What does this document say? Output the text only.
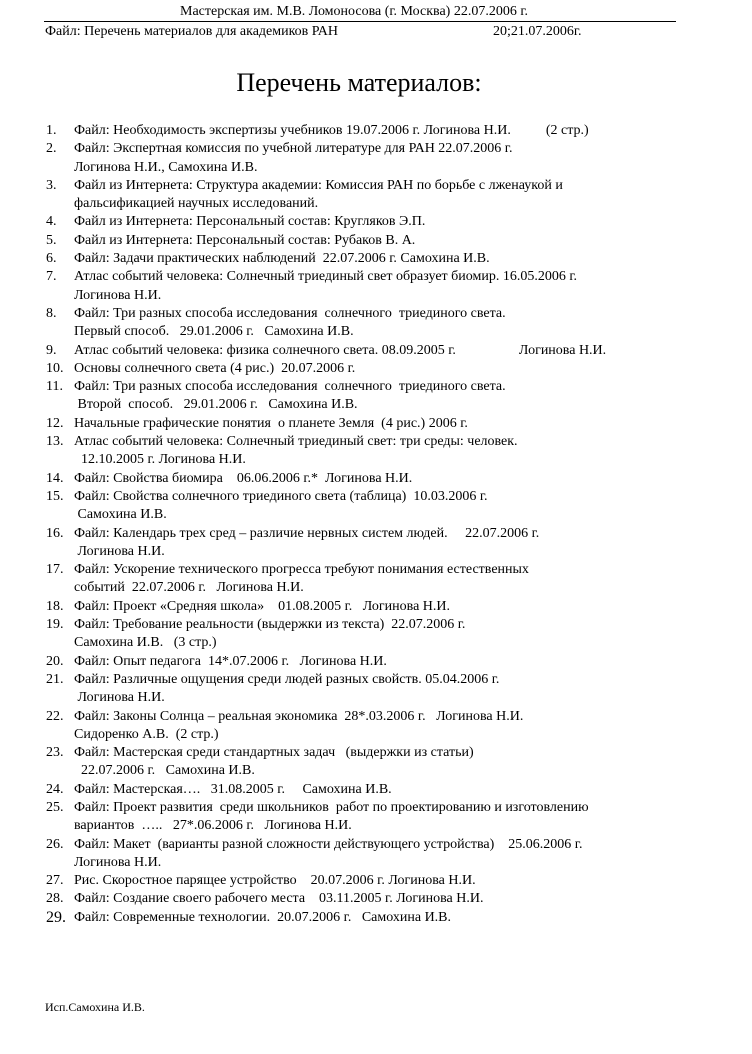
Мастерская им. М.В. Ломоносова (г. Москва) 22.07.2006 г.
Файл: Перечень материалов для академиков РАН	20;21.07.2006г.
Перечень материалов:
1. Файл: Необходимость экспертизы учебников 19.07.2006 г. Логинова Н.И.          (2 стр.)
2. Файл: Экспертная комиссия по учебной литературе для РАН 22.07.2006 г.
Логинова Н.И., Самохина И.В.
3. Файл из Интернета: Структура академии: Комиссия РАН по борьбе с лженаукой и
фальсификацией научных исследований.
4. Файл из Интернета: Персональный состав: Кругляков Э.П.
5. Файл из Интернета: Персональный состав: Рубаков В. А.
6. Файл: Задачи практических наблюдений  22.07.2006 г. Самохина И.В.
7. Атлас событий человека: Солнечный триединый свет образует биомир. 16.05.2006 г.
Логинова Н.И.
8. Файл: Три разных способа исследования  солнечного  триединого света.
Первый способ.   29.01.2006 г.   Самохина И.В.
9. Атлас событий человека: физика солнечного света. 08.09.2005 г.                  Логинова Н.И.
10. Основы солнечного света (4 рис.)  20.07.2006 г.
11. Файл: Три разных способа исследования  солнечного  триединого света.
Второй  способ.   29.01.2006 г.   Самохина И.В.
12. Начальные графические понятия  о планете Земля  (4 рис.) 2006 г.
13. Атлас событий человека: Солнечный триединый свет: три среды: человек.
12.10.2005 г. Логинова Н.И.
14. Файл: Свойства биомира    06.06.2006 г.*  Логинова Н.И.
15. Файл: Свойства солнечного триединого света (таблица)  10.03.2006 г.
Самохина И.В.
16. Файл: Календарь трех сред – различие нервных систем людей.     22.07.2006 г.
Логинова Н.И.
17. Файл: Ускорение технического прогресса требуют понимания естественных
событий  22.07.2006 г.   Логинова Н.И.
18. Файл: Проект «Средняя школа»    01.08.2005 г.   Логинова Н.И.
19. Файл: Требование реальности (выдержки из текста)  22.07.2006 г.
Самохина И.В.   (3 стр.)
20. Файл: Опыт педагога  14*.07.2006 г.   Логинова Н.И.
21. Файл: Различные ощущения среди людей разных свойств. 05.04.2006 г.
Логинова Н.И.
22. Файл: Законы Солнца – реальная экономика  28*.03.2006 г.   Логинова Н.И.
Сидоренко А.В.  (2 стр.)
23. Файл: Мастерская среди стандартных задач   (выдержки из статьи)
22.07.2006 г.   Самохина И.В.
24. Файл: Мастерская….   31.08.2005 г.     Самохина И.В.
25. Файл: Проект развития  среди школьников  работ по проектированию и изготовлению
вариантов  …..   27*.06.2006 г.   Логинова Н.И.
26. Файл: Макет  (варианты разной сложности действующего устройства)    25.06.2006 г.
Логинова Н.И.
27. Рис. Скоростное парящее устройство    20.07.2006 г. Логинова Н.И.
28. Файл: Создание своего рабочего места    03.11.2005 г. Логинова Н.И.
29. Файл: Современные технологии.  20.07.2006 г.   Самохина И.В.
Исп.Самохина И.В.
